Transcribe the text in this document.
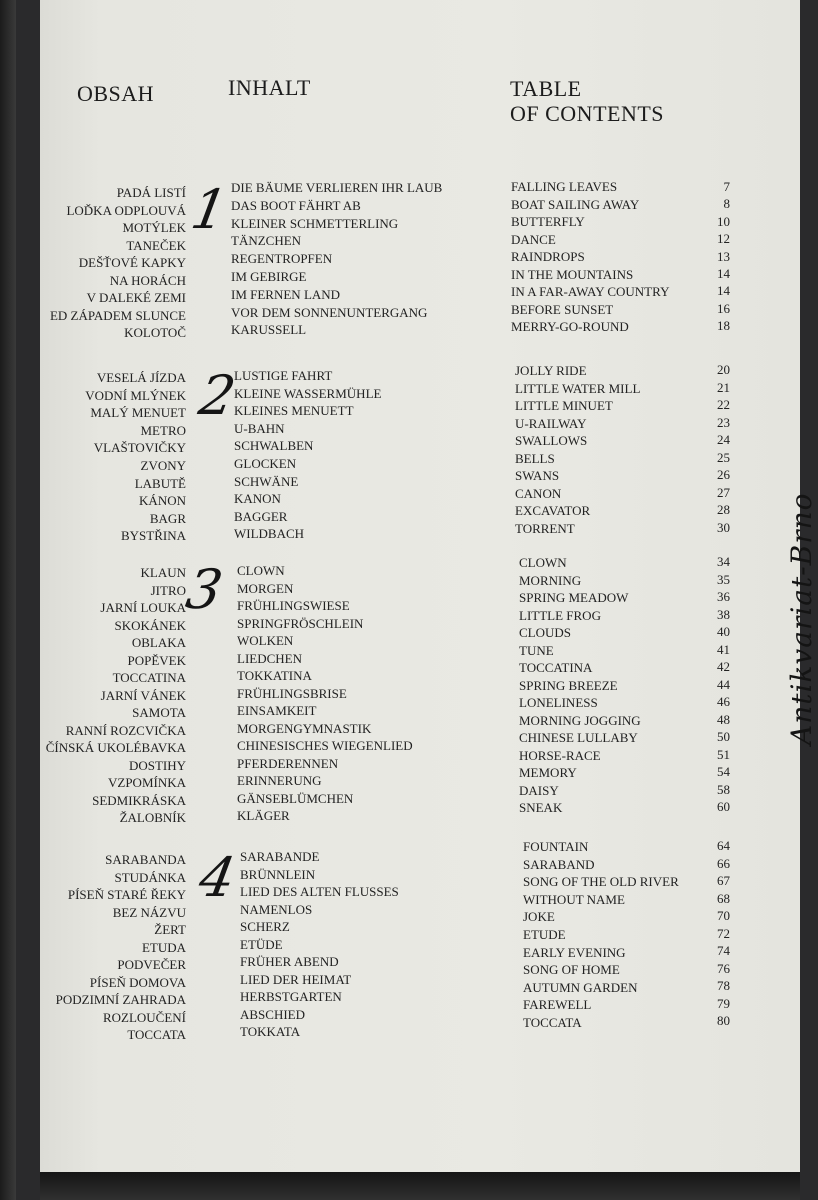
OBSAH	INHALT	TABLE
OF CONTENTS
1
PADÁ LISTÍ
LOĎKA ODPLOUVÁ
MOTÝLEK
TANEČEK
DEŠŤOVÉ KAPKY
NA HORÁCH
V DALEKÉ ZEMI
ED ZÁPADEM SLUNCE
KOLOTOČ
DIE BÄUME VERLIEREN IHR LAUB
DAS BOOT FÄHRT AB
KLEINER SCHMETTERLING
TÄNZCHEN
REGENTROPFEN
IM GEBIRGE
IM FERNEN LAND
VOR DEM SONNENUNTERGANG
KARUSSELL
FALLING LEAVES
BOAT SAILING AWAY
BUTTERFLY
DANCE
RAINDROPS
IN THE MOUNTAINS
IN A FAR-AWAY COUNTRY
BEFORE SUNSET
MERRY-GO-ROUND
7
8
10
12
13
14
14
16
18
2
VESELÁ JÍZDA
VODNÍ MLÝNEK
MALÝ MENUET
METRO
VLAŠTOVIČKY
ZVONY
LABUTĚ
KÁNON
BAGR
BYSTŘINA
LUSTIGE FAHRT
KLEINE WASSERMÜHLE
KLEINES MENUETT
U-BAHN
SCHWALBEN
GLOCKEN
SCHWÄNE
KANON
BAGGER
WILDBACH
JOLLY RIDE
LITTLE WATER MILL
LITTLE MINUET
U-RAILWAY
SWALLOWS
BELLS
SWANS
CANON
EXCAVATOR
TORRENT
20
21
22
23
24
25
26
27
28
30
3
KLAUN
JITRO
JARNÍ LOUKA
SKOKÁNEK
OBLAKA
POPĚVEK
TOCCATINA
JARNÍ VÁNEK
SAMOTA
RANNÍ ROZCVIČKA
ČÍNSKÁ UKOLÉBAVKA
DOSTIHY
VZPOMÍNKA
SEDMIKRÁSKA
ŽALOBNÍK
CLOWN
MORGEN
FRÜHLINGSWIESE
SPRINGFRÖSCHLEIN
WOLKEN
LIEDCHEN
TOKKATINA
FRÜHLINGSBRISE
EINSAMKEIT
MORGENGYMNASTIK
CHINESISCHES WIEGENLIED
PFERDERENNEN
ERINNERUNG
GÄNSEBLÜMCHEN
KLÄGER
CLOWN
MORNING
SPRING MEADOW
LITTLE FROG
CLOUDS
TUNE
TOCCATINA
SPRING BREEZE
LONELINESS
MORNING JOGGING
CHINESE LULLABY
HORSE-RACE
MEMORY
DAISY
SNEAK
34
35
36
38
40
41
42
44
46
48
50
51
54
58
60
4
SARABANDA
STUDÁNKA
PÍSEŇ STARÉ ŘEKY
BEZ NÁZVU
ŽERT
ETUDA
PODVEČER
PÍSEŇ DOMOVA
PODZIMNÍ ZAHRADA
ROZLOUČENÍ
TOCCATA
SARABANDE
BRÜNNLEIN
LIED DES ALTEN FLUSSES
NAMENLOS
SCHERZ
ETÜDE
FRÜHER ABEND
LIED DER HEIMAT
HERBSTGARTEN
ABSCHIED
TOKKATA
FOUNTAIN
SARABAND
SONG OF THE OLD RIVER
WITHOUT NAME
JOKE
ETUDE
EARLY EVENING
SONG OF HOME
AUTUMN GARDEN
FAREWELL
TOCCATA
64
66
67
68
70
72
74
76
78
79
80
Antikvariat-Brno
